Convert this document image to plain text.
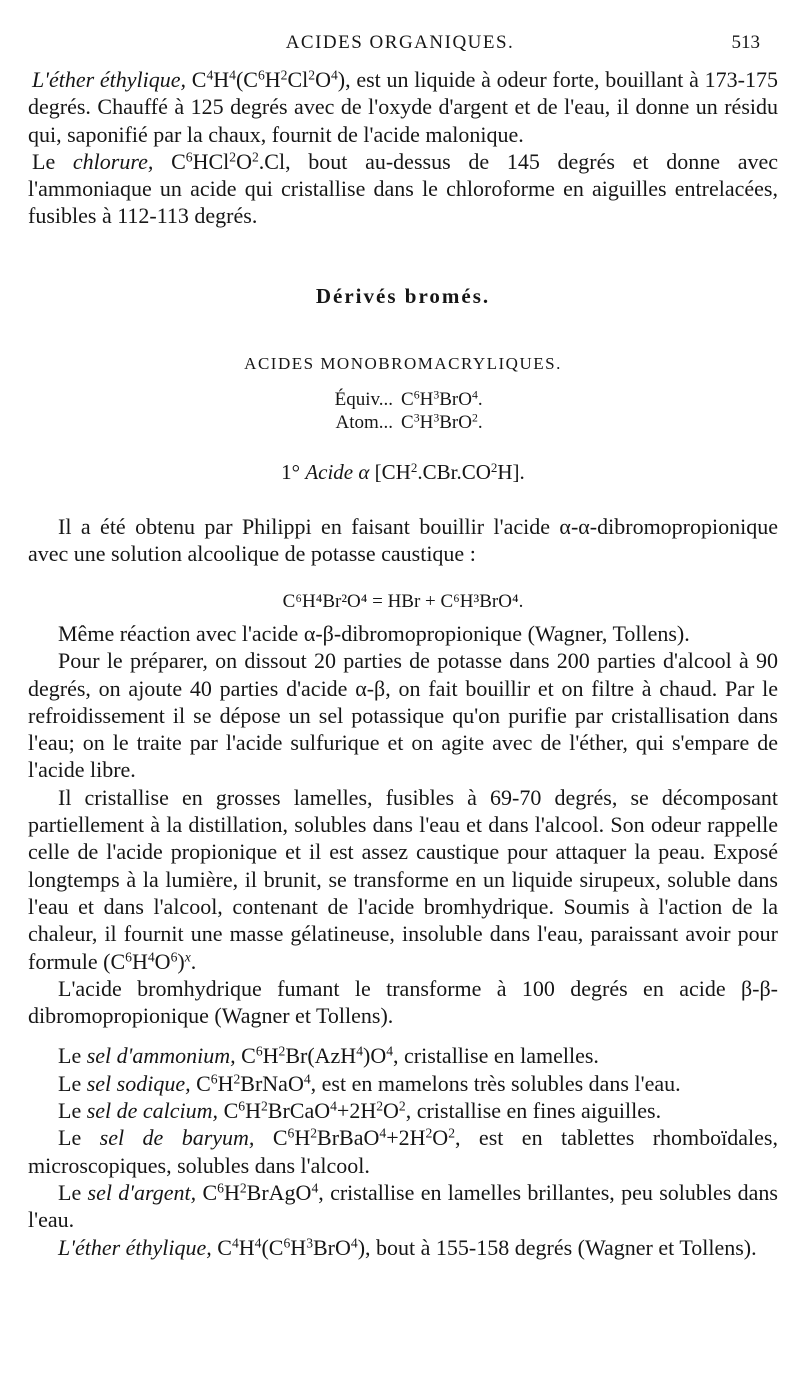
ACIDES ORGANIQUES.	513

L'éther éthylique, $C^4H^4(C^6H^2Cl^2O^4)$, est un liquide à odeur forte, bouillant à 173-175 degrés. Chauffé à 125 degrés avec de l'oxyde d'argent et de l'eau, il donne un résidu qui, saponifié par la chaux, fournit de l'acide malonique.

Le chlorure, $C^6HCl^2O^2.Cl$, bout au-dessus de 145 degrés et donne avec l'ammoniaque un acide qui cristallise dans le chloroforme en aiguilles entrelacées, fusibles à 112-113 degrés.

Dérivés bromés.
ACIDES MONOBROMACRYLIQUES.
Équiv... $C^6H^3BrO^4$.
Atom... $C^3H^3BrO^2$.
1° Acide α $[CH^2.CBr.CO^2H]$.

Il a été obtenu par Philippi en faisant bouillir l'acide α-α-dibromopropionique avec une solution alcoolique de potasse caustique :

C⁶H⁴Br²O⁴ = HBr + C⁶H³BrO⁴.

Même réaction avec l'acide α-β-dibromopropionique (Wagner, Tollens).

Pour le préparer, on dissout 20 parties de potasse dans 200 parties d'alcool à 90 degrés, on ajoute 40 parties d'acide α-β, on fait bouillir et on filtre à chaud. Par le refroidissement il se dépose un sel potassique qu'on purifie par cristallisation dans l'eau; on le traite par l'acide sulfurique et on agite avec de l'éther, qui s'empare de l'acide libre.

Il cristallise en grosses lamelles, fusibles à 69-70 degrés, se décomposant partiellement à la distillation, solubles dans l'eau et dans l'alcool. Son odeur rappelle celle de l'acide propionique et il est assez caustique pour attaquer la peau. Exposé longtemps à la lumière, il brunit, se transforme en un liquide sirupeux, soluble dans l'eau et dans l'alcool, contenant de l'acide bromhydrique. Soumis à l'action de la chaleur, il fournit une masse gélatineuse, insoluble dans l'eau, paraissant avoir pour formule $(C^6H^4O^6)^x$.

L'acide bromhydrique fumant le transforme à 100 degrés en acide β-β-dibromopropionique (Wagner et Tollens).

Le sel d'ammonium, $C^6H^2Br(AzH^4)O^4$, cristallise en lamelles.

Le sel sodique, $C^6H^2BrNaO^4$, est en mamelons très solubles dans l'eau.

Le sel de calcium, $C^6H^2BrCaO^4+2H^2O^2$, cristallise en fines aiguilles.

Le sel de baryum, $C^6H^2BrBaO^4+2H^2O^2$, est en tablettes rhomboïdales, microscopiques, solubles dans l'alcool.

Le sel d'argent, $C^6H^2BrAgO^4$, cristallise en lamelles brillantes, peu solubles dans l'eau.

L'éther éthylique, $C^4H^4(C^6H^3BrO^4)$, bout à 155-158 degrés (Wagner et Tollens).
